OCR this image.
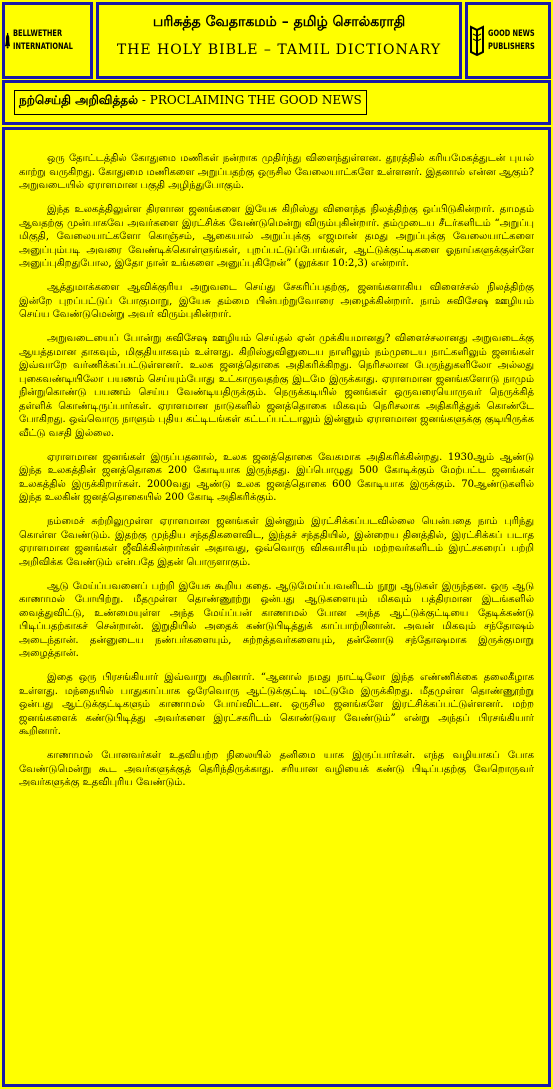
BELLWETHER
INTERNATIONAL
பரிசுத்த வேதாகமம் – தமிழ் சொல்கராதி
THE HOLY BIBLE – TAMIL DICTIONARY
GOOD NEWS
PUBLISHERS
நற்செய்தி அறிவித்தல் - PROCLAIMING THE GOOD NEWS

ஒரு தோட்டத்தில் கோதுமை மணிகள் நன்றாக முதிர்ந்து விளைந்துள்ளன. தூரத்தில் கரியமேகத்துடன் புயல் காற்று வருகிறது. கோதுமை மணிகளை அறுப்பதற்கு ஒருசில வேலையாட்களே உள்ளனர். இதனால் என்ன ஆகும்? அறுவடையில் ஏராளமான பகுதி அழிந்துபோகும்.

இந்த உலகத்திலுள்ள திரளான ஜனங்களை இயேசு கிறிஸ்து விளைந்த நிலத்திற்கு ஒப்பிடுகின்றார். தாமதம் ஆவதற்கு முன்பாகவே அவர்களை இரட்சிக்க வேண்டுமென்று விரும்புகின்றார். தம்முடைய சீடர்களிடம் “அறுப்பு மிகுதி, வேலையாட்களோ கொஞ்சம், ஆகையால் அறுப்புக்கு எஜமான் தமது அறுப்புக்கு வேலையாட்களை அனுப்பும்படி அவரை வேண்டிக்கொள்ளுங்கள், புறப்பட்டுப்போங்கள், ஆட்டுக்குட்டிகளை ஓநாய்களுக்குள்ளே அனுப்புகிறதுபோல, இதோ நான் உங்களை அனுப்புகிறேன்” (லூக்கா 10:2,3) என்றார்.

ஆத்துமாக்களை ஆவிக்குரிய அறுவடை செய்து சேகரிப்பதற்கு, ஜனங்களாகிய விளைச்சல் நிலத்திற்கு இன்றே புறப்பட்டுப் போகுமாறு, இயேசு தம்மை பின்பற்றுவோரை அழைக்கின்றார். நாம் சுவிசேஷ ஊழியம் செய்ய வேண்டுமென்று அவர் விரும்புகின்றார்.

அறுவடையைப் போன்று சுவிசேஷ ஊழியம் செய்தல் ஏன் முக்கியமானது? விளைச்சலானது அறுவடைக்கு ஆயத்தமான தாகவும், மிகுதியாகவும் உள்ளது. கிறிஸ்துவினுடைய நாளிலும் நம்முடைய நாட்களிலும் ஜனங்கள் இவ்வாறே வர்ணிக்கப்பட்டுள்ளனர். உலக ஜனத்தொகை அதிகரிக்கிறது. நெரிசலான பேருந்துகளிலோ அல்லது புகைவண்டியிலோ பயணம் செய்யும்போது உட்காருவதற்கு இடமே இருக்காது. ஏராளமான ஜனங்களோடு நாமும் நின்றுகொண்டு பயணம் செய்ய வேண்டியதிருக்கும். நெருக்கடியில் ஜனங்கள் ஒருவரையொருவர் நெருக்கித் தள்ளிக் கொண்டிருப்பார்கள். ஏராளமான நாடுகளில் ஜனத்தொகை மிகவும் நெரிசலாக அதிகரித்துக் கொண்டே போகிறது. ஒவ்வொரு நாளும் புதிய கட்டிடங்கள் கட்டப்பட்டாலும் இன்னும் ஏராளமான ஜனங்களுக்கு குடியிருக்க வீட்டு வசதி இல்லை.

ஏராளமான ஜனங்கள் இருப்பதனால், உலக ஜனத்தொகை வேகமாக அதிகரிக்கின்றது. 1930ஆம் ஆண்டு இந்த உலகத்தின் ஜனத்தொகை 200 கோடியாக இருந்தது. இப்பொழுது 500 கோடிக்கும் மேற்பட்ட ஜனங்கள் உலகத்தில் இருக்கிறார்கள். 2000வது ஆண்டு உலக ஜனத்தொகை 600 கோடியாக இருக்கும். 70ஆண்டுகளில் இந்த உலகின் ஜனத்தொகையில் 200 கோடி அதிகரிக்கும்.

நம்மைச் சுற்றிலுமுள்ள ஏராளமான ஜனங்கள் இன்னும் இரட்சிக்கப்படவில்லை யென்பதை நாம் புரிந்து கொள்ள வேண்டும். இதற்கு முந்திய சந்ததிகளைவிட, இந்தச் சந்ததியில், இன்றைய தினத்தில், இரட்சிக்கப் படாத ஏராளமான ஜனங்கள் ஜீவிக்கின்றார்கள் அதாவது, ஒவ்வொரு விசுவாசியும் மற்றவர்களிடம் இரட்சகரைப் பற்றி அறிவிக்க வேண்டும் என்பதே இதன் பொருளாகும்.

ஆடு மேய்ப்பவனைப் பற்றி இயேசு கூறிய கதை. ஆடுமேய்ப்பவனிடம் நூறு ஆடுகள் இருந்தன. ஒரு ஆடு காணாமல் போயிற்று. மீதமுள்ள தொண்ணூற்று ஒன்பது ஆடுகளையும் மிகவும் பத்திரமான இடங்களில் வைத்துவிட்டு, உண்மையுள்ள அந்த மேய்ப்பன் காணாமல் போன அந்த ஆட்டுக்குட்டியை தேடிக்கண்டு பிடிப்பதற்காகச் சென்றான். இறுதியில் அதைக் கண்டுபிடித்துக் காப்பாற்றினான். அவன் மிகவும் சந்தோஷம் அடைந்தான். தன்னுடைய நண்பர்களையும், சுற்றத்தவர்களையும், தன்னோடு சந்தோஷமாக இருக்குமாறு அழைத்தான்.

இதை ஒரு பிரசங்கியார் இவ்வாறு கூறினார். “ஆனால் நமது நாட்டிலோ இந்த எண்ணிக்கை தலைகீழாக உள்ளது. மந்தையில் பாதுகாப்பாக ஒரேவொரு ஆட்டுக்குட்டி மட்டுமே இருக்கிறது. மீதமுள்ள தொண்ணூற்று ஒன்பது ஆட்டுக்குட்டிகளும் காணாமல் போய்விட்டன. ஒருசில ஜனங்களே இரட்சிக்கப்பட்டுள்ளனர். மற்ற ஜனங்களைக் கண்டுபிடித்து அவர்களை இரட்சகரிடம் கொண்டுவர வேண்டும்” என்று அந்தப் பிரசங்கியார் கூறினார்.

காணாமல் போனவர்கள் உதவியற்ற நிலையில் தனிமை யாக இருப்பார்கள். எந்த வழியாகப் போக வேண்டுமென்று கூட அவர்களுக்குத் தெரிந்திருக்காது. சரியான வழியைக் கண்டு பிடிப்பதற்கு வேறொருவர் அவர்களுக்கு உதவிபுரிய வேண்டும்.
